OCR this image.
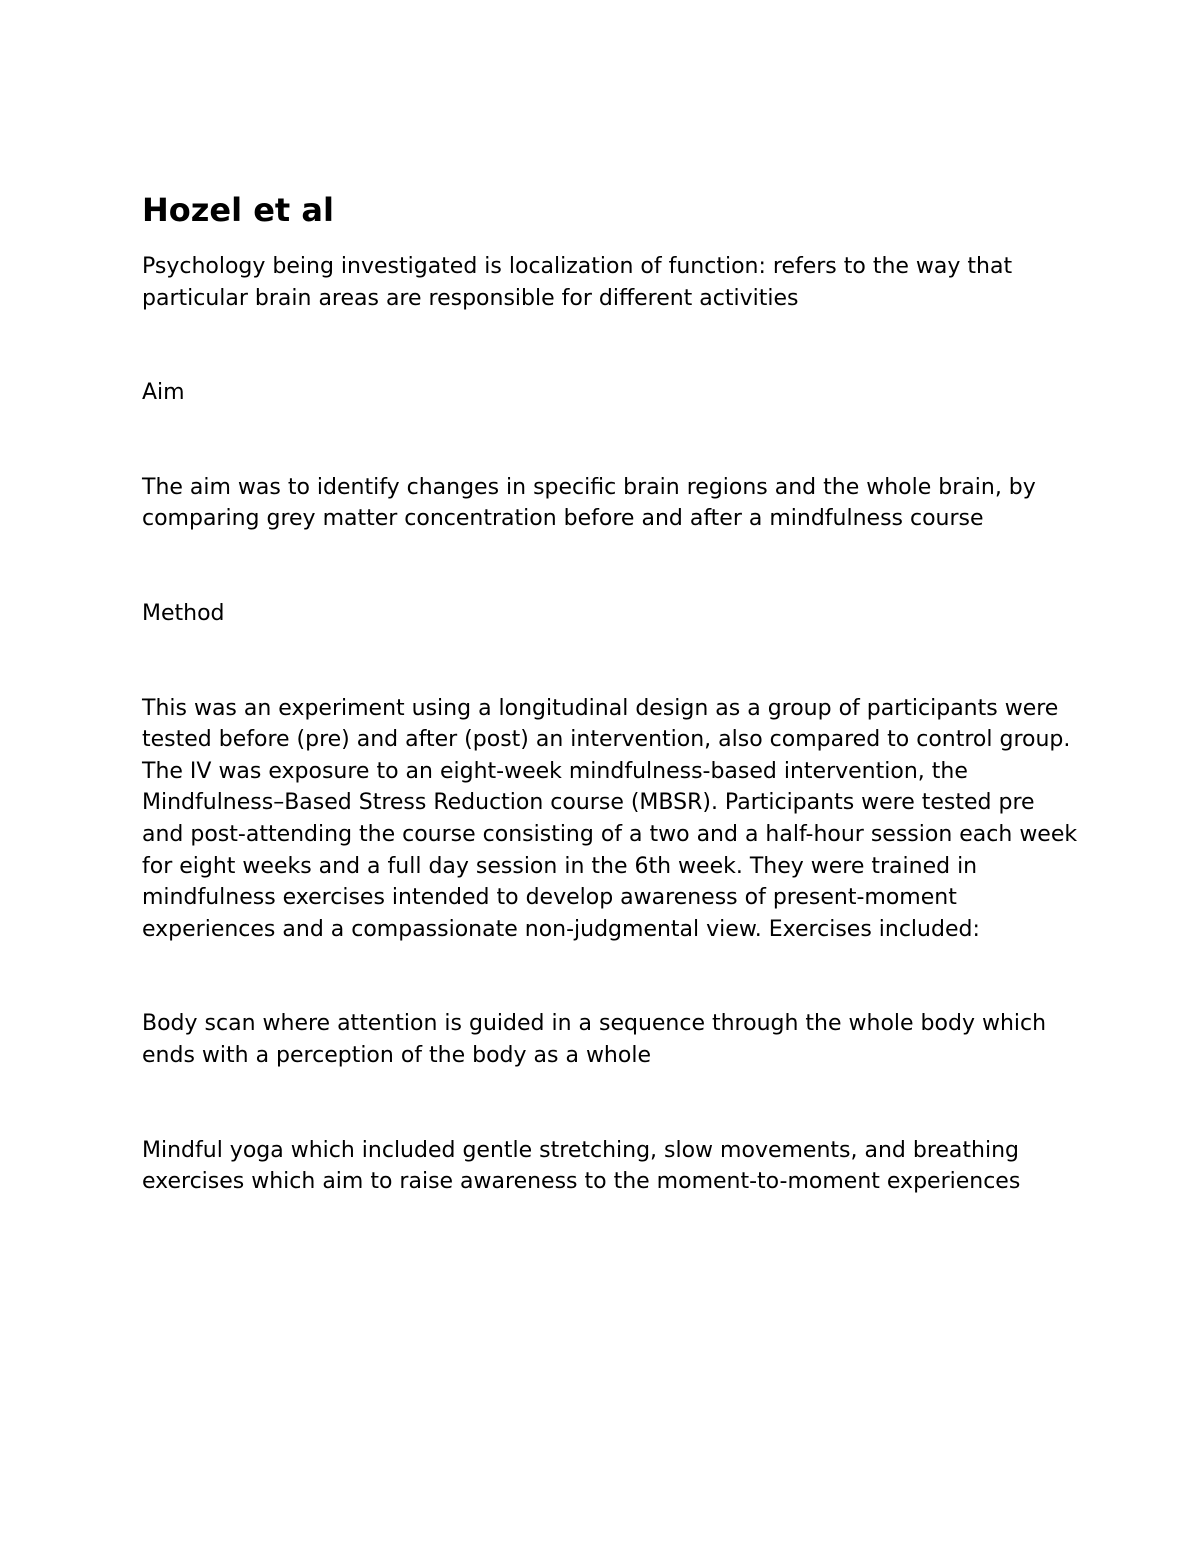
Hozel et al

Psychology being investigated is localization of function: refers to the way that particular brain areas are responsible for different activities

Aim

The aim was to identify changes in specific brain regions and the whole brain, by comparing grey matter concentration before and after a mindfulness course

Method

This was an experiment using a longitudinal design as a group of participants were tested before (pre) and after (post) an intervention, also compared to control group. The IV was exposure to an eight-week mindfulness-based intervention, the Mindfulness–Based Stress Reduction course (MBSR). Participants were tested pre and post-attending the course consisting of a two and a half-hour session each week for eight weeks and a full day session in the 6th week. They were trained in mindfulness exercises intended to develop awareness of present-moment experiences and a compassionate non-judgmental view. Exercises included:

Body scan where attention is guided in a sequence through the whole body which ends with a perception of the body as a whole

Mindful yoga which included gentle stretching, slow movements, and breathing exercises which aim to raise awareness to the moment-to-moment experiences
